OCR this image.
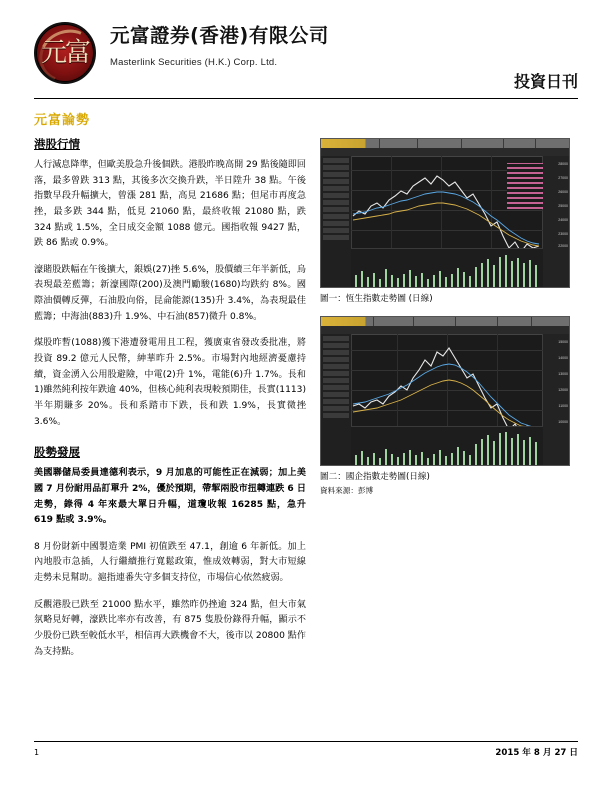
元富
元富證券(香港)有限公司
Masterlink Securities (H.K.) Corp. Ltd.
投資日刊
元富論勢
港股行情

人行減息降準，但歐美股急升後個跌。港股昨晚高開 29 點後隨即回落，最多曾跌 313 點，其後多次交換升跌，半日陞升 38 點。午後指數早段升幅擴大，曾漲 281 點，高見 21686 點；但尾市再度急挫，最多跌 344 點，低見 21060 點，最終收報 21080 點，跌 324 點或 1.5%，全日成交金額 1088 億元。國指收報 9427 點，跌 86 點或 0.9%。

濠賭股跌幅在午後擴大，銀娛(27)挫 5.6%，股價續三年半新低，烏表現最差藍籌；新濠國際(200)及澳門勵駿(1680)均跌約 8%。國際油價轉反彈，石油股向俗，昆侖能源(135)升 3.4%，為表現最佳藍籌；中海油(883)升 1.9%、中石油(857)微升 0.8%。

煤股昨暫(1088)獲下港遭發電用且工程，獲廣東省發改委批准，將投資 89.2 億元人民幣，紳華昨升 2.5%。市場對內地經濟憂慮持續，資金湧入公用股避險，中電(2)升 1%，電能(6)升 1.7%。長和1)雖然純利按年跌逾 40%，但核心純利表現較預期佳，長實(1113)半年期賺多 20%。長和系踏市下跌，長和跌 1.9%，長實微挫 3.6%。

股勢發展

美國聯儲局委員達德利表示，9 月加息的可能性正在減弱；加上美國 7 月份耐用品訂單升 2%，優於預期，帶挈兩股市扭轉連跌 6 日走勢，錄得 4 年來最大單日升幅，道瓊收報 16285 點，急升 619 點或 3.9%。

8 月份財新中國製造業 PMI 初值跌至 47.1，創逾 6 年新低。加上內地股市急插，人行繼續推行寬鬆政策，惟成效轉弱，對大市短線走勢未見幫助。滬指連番失守多個支持位，市場信心依然疲弱。

反觀港股已跌至 21000 點水平，雖然昨仍挫逾 324 點，但大市氣氛略見好轉，濠跌比率亦有改善，有 875 隻股份錄得升幅，顯示不少股份已跌至較低水平，相信再大跌機會不大，後市以 20800 點作為支持點。

28000
27000
26000
25000
24000
23000
22000
圖一：恆生指數走勢圖 (日線)
15000
14000
13000
12000
11000
10000
圖二：國企指數走勢圖(日線)
資料來源：彭博
1	2015 年 8 月 27 日
